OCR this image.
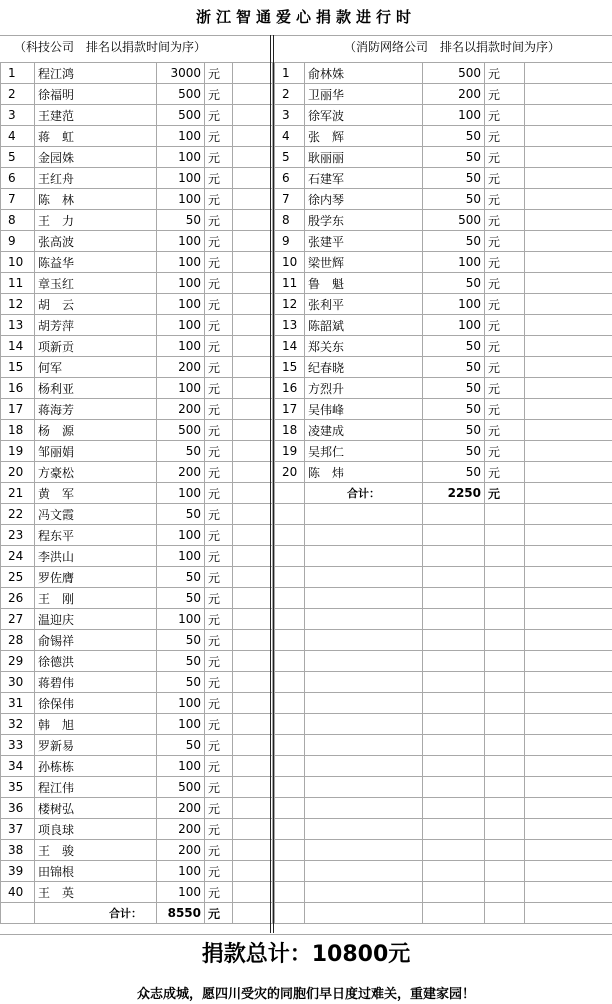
浙江智通爱心捐款进行时
（科技公司　排名以捐款时间为序）	（消防网络公司　排名以捐款时间为序）
1	程江鸿	3000	元	
2	徐福明	500	元	
3	王建范	500	元	
4	蒋　虹	100	元	
5	金园姝	100	元	
6	王红舟	100	元	
7	陈　林	100	元	
8	王　力	50	元	
9	张高波	100	元	
10	陈益华	100	元	
11	章玉红	100	元	
12	胡　云	100	元	
13	胡芳萍	100	元	
14	项新贡	100	元	
15	何军	200	元	
16	杨利亚	100	元	
17	蒋海芳	200	元	
18	杨　源	500	元	
19	邹丽娟	50	元	
20	方豪松	200	元	
21	黄　军	100	元	
22	冯文霞	50	元	
23	程东平	100	元	
24	李洪山	100	元	
25	罗佐膺	50	元	
26	王　刚	50	元	
27	温迎庆	100	元	
28	俞锡祥	50	元	
29	徐德洪	50	元	
30	蒋碧伟	50	元	
31	徐保伟	100	元	
32	韩　旭	100	元	
33	罗新易	50	元	
34	孙栋栋	100	元	
35	程江伟	500	元	
36	楼树弘	200	元	
37	项良球	200	元	
38	王　骏	200	元	
39	田锦根	100	元	
40	王　英	100	元	
	合计：	8550	元	
1	俞林姝	500	元	
2	卫丽华	200	元	
3	徐军波	100	元	
4	张　辉	50	元	
5	耿丽丽	50	元	
6	石建军	50	元	
7	徐内琴	50	元	
8	殷学东	500	元	
9	张建平	50	元	
10	梁世辉	100	元	
11	鲁　魁	50	元	
12	张利平	100	元	
13	陈韶斌	100	元	
14	郑关东	50	元	
15	纪春晓	50	元	
16	方烈升	50	元	
17	吴伟峰	50	元	
18	凌建成	50	元	
19	吴邦仁	50	元	
20	陈　炜	50	元	
	合计：	2250	元	

捐款总计：10800元
众志成城，愿四川受灾的同胞们早日度过难关，重建家园！
